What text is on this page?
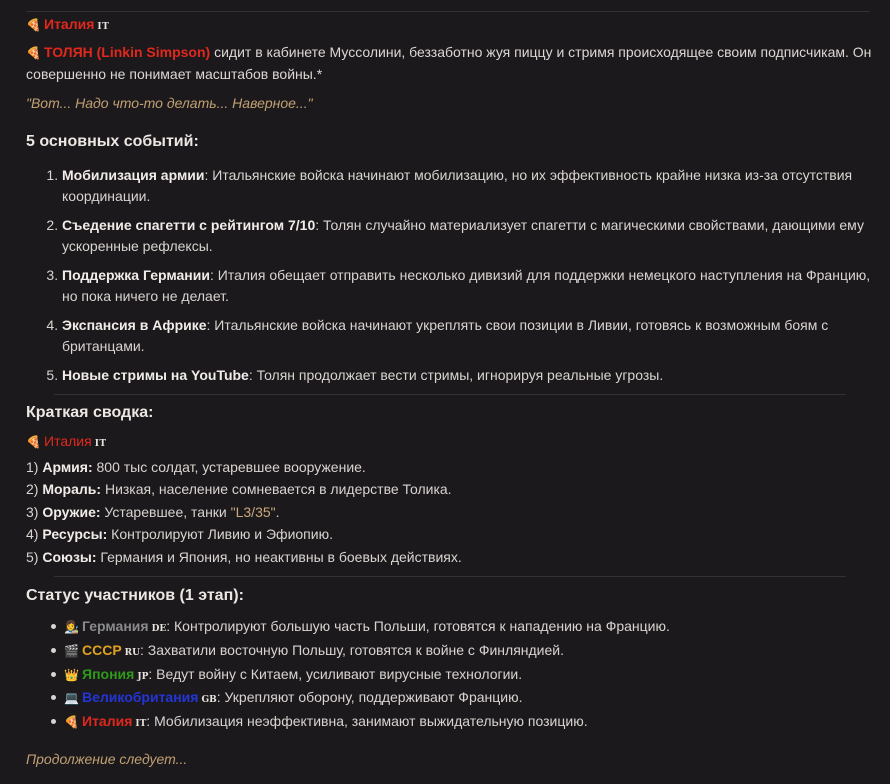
🍕 Италия IT
🍕 ТОЛЯН (Linkin Simpson) сидит в кабинете Муссолини, беззаботно жуя пиццу и стримя происходящее своим подписчикам. Он совершенно не понимает масштабов войны.*
"Вот... Надо что-то делать... Наверное..."
5 основных событий:
1. Мобилизация армии: Итальянские войска начинают мобилизацию, но их эффективность крайне низка из-за отсутствия координации.
2. Съедение спагетти с рейтингом 7/10: Толян случайно материализует спагетти с магическими свойствами, дающими ему ускоренные рефлексы.
3. Поддержка Германии: Италия обещает отправить несколько дивизий для поддержки немецкого наступления на Францию, но пока ничего не делает.
4. Экспансия в Африке: Итальянские войска начинают укреплять свои позиции в Ливии, готовясь к возможным боям с британцами.
5. Новые стримы на YouTube: Толян продолжает вести стримы, игнорируя реальные угрозы.
Краткая сводка:
🍕 Италия IT
1) Армия: 800 тыс солдат, устаревшее вооружение.
2) Мораль: Низкая, население сомневается в лидерстве Толика.
3) Оружие: Устаревшее, танки "L3/35".
4) Ресурсы: Контролируют Ливию и Эфиопию.
5) Союзы: Германия и Япония, но неактивны в боевых действиях.
Статус участников (1 этап):
👩‍🎨 Германия DE: Контролируют большую часть Польши, готовятся к нападению на Францию.
🎬 СССР RU: Захватили восточную Польшу, готовятся к войне с Финляндией.
👑 Япония JP: Ведут войну с Китаем, усиливают вирусные технологии.
💻 Великобритания GB: Укрепляют оборону, поддерживают Францию.
🍕 Италия IT: Мобилизация неэффективна, занимают выжидательную позицию.
Продолжение следует...
